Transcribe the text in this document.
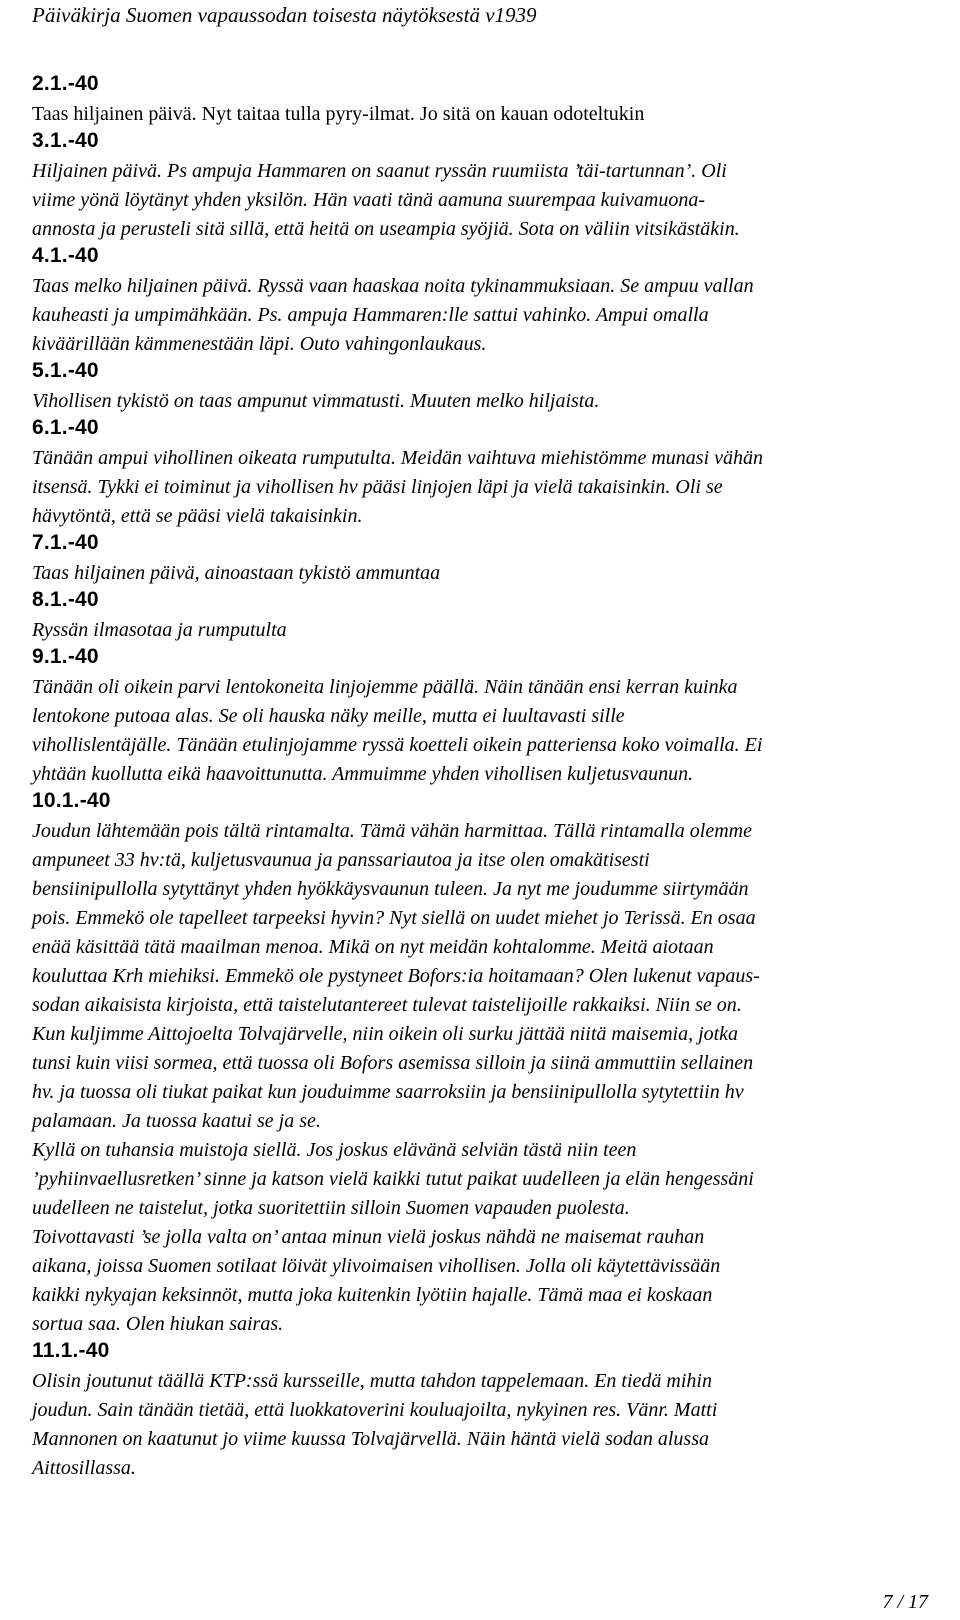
Päiväkirja Suomen vapaussodan toisesta näytöksestä v1939
2.1.-40
Taas hiljainen päivä. Nyt taitaa tulla pyry-ilmat. Jo sitä on kauan odoteltukin
3.1.-40
Hiljainen päivä. Ps ampuja Hammaren on saanut ryssän ruumiista ’täi-tartunnan’. Oli
viime yönä löytänyt yhden yksilön. Hän vaati tänä aamuna suurempaa kuivamuona-
annosta ja perusteli sitä sillä, että heitä on useampia syöjiä. Sota on väliin vitsikästäkin.
4.1.-40
Taas melko hiljainen päivä. Ryssä vaan haaskaa noita tykinammuksiaan. Se ampuu vallan
kauheasti ja umpimähkään. Ps. ampuja Hammaren:lle sattui vahinko. Ampui omalla
kiväärillään kämmenestään läpi. Outo vahingonlaukaus.
5.1.-40
Vihollisen tykistö on taas ampunut vimmatusti. Muuten melko hiljaista.
6.1.-40
Tänään ampui vihollinen oikeata rumputulta. Meidän vaihtuva miehistömme munasi vähän
itsensä. Tykki ei toiminut ja vihollisen hv pääsi linjojen läpi ja vielä takaisinkin. Oli se
hävytöntä, että se pääsi vielä takaisinkin.
7.1.-40
Taas hiljainen päivä, ainoastaan tykistö ammuntaa
8.1.-40
Ryssän ilmasotaa ja rumputulta
9.1.-40
Tänään oli oikein parvi lentokoneita linjojemme päällä. Näin tänään ensi kerran kuinka
lentokone putoaa alas. Se oli hauska näky meille, mutta ei luultavasti sille
vihollislentäjälle. Tänään etulinjojamme ryssä koetteli oikein patteriensa koko voimalla. Ei
yhtään kuollutta eikä haavoittunutta. Ammuimme yhden vihollisen kuljetusvaunun.
10.1.-40
Joudun lähtemään pois tältä rintamalta. Tämä vähän harmittaa. Tällä rintamalla olemme
ampuneet 33 hv:tä, kuljetusvaunua ja panssariautoa ja itse olen omakätisesti
bensiinipullolla sytyttänyt yhden hyökkäysvaunun tuleen. Ja nyt me joudumme siirtymään
pois. Emmekö ole tapelleet tarpeeksi hyvin? Nyt siellä on uudet miehet jo Terissä. En osaa
enää käsittää tätä maailman menoa. Mikä on nyt meidän kohtalomme. Meitä aiotaan
kouluttaa Krh miehiksi. Emmekö ole pystyneet Bofors:ia hoitamaan? Olen lukenut vapaus-
sodan aikaisista kirjoista, että taistelutantereet tulevat taistelijoille rakkaiksi. Niin se on.
Kun kuljimme Aittojoelta Tolvajärvelle, niin oikein oli surku jättää niitä maisemia, jotka
tunsi kuin viisi sormea, että tuossa oli Bofors asemissa silloin ja siinä ammuttiin sellainen
hv. ja tuossa oli tiukat paikat kun jouduimme saarroksiin ja bensiinipullolla sytytettiin hv
palamaan. Ja tuossa kaatui se ja se.
Kyllä on tuhansia muistoja siellä. Jos joskus elävänä selviän tästä niin teen
’pyhiinvaellusretken’ sinne ja katson vielä kaikki tutut paikat uudelleen ja elän hengessäni
uudelleen ne taistelut, jotka suoritettiin silloin Suomen vapauden puolesta.
Toivottavasti ’se jolla valta on’ antaa minun vielä joskus nähdä ne maisemat rauhan
aikana, joissa Suomen sotilaat löivät ylivoimaisen vihollisen. Jolla oli käytettävissään
kaikki nykyajan keksinnöt, mutta joka kuitenkin lyötiin hajalle. Tämä maa ei koskaan
sortua saa. Olen hiukan sairas.
11.1.-40
Olisin joutunut täällä KTP:ssä kursseille, mutta tahdon tappelemaan. En tiedä mihin
joudun. Sain tänään tietää, että luokkatoverini kouluajoilta, nykyinen res. Vänr. Matti
Mannonen on kaatunut jo viime kuussa Tolvajärvellä. Näin häntä vielä sodan alussa
Aittosillassa.
7 / 17
